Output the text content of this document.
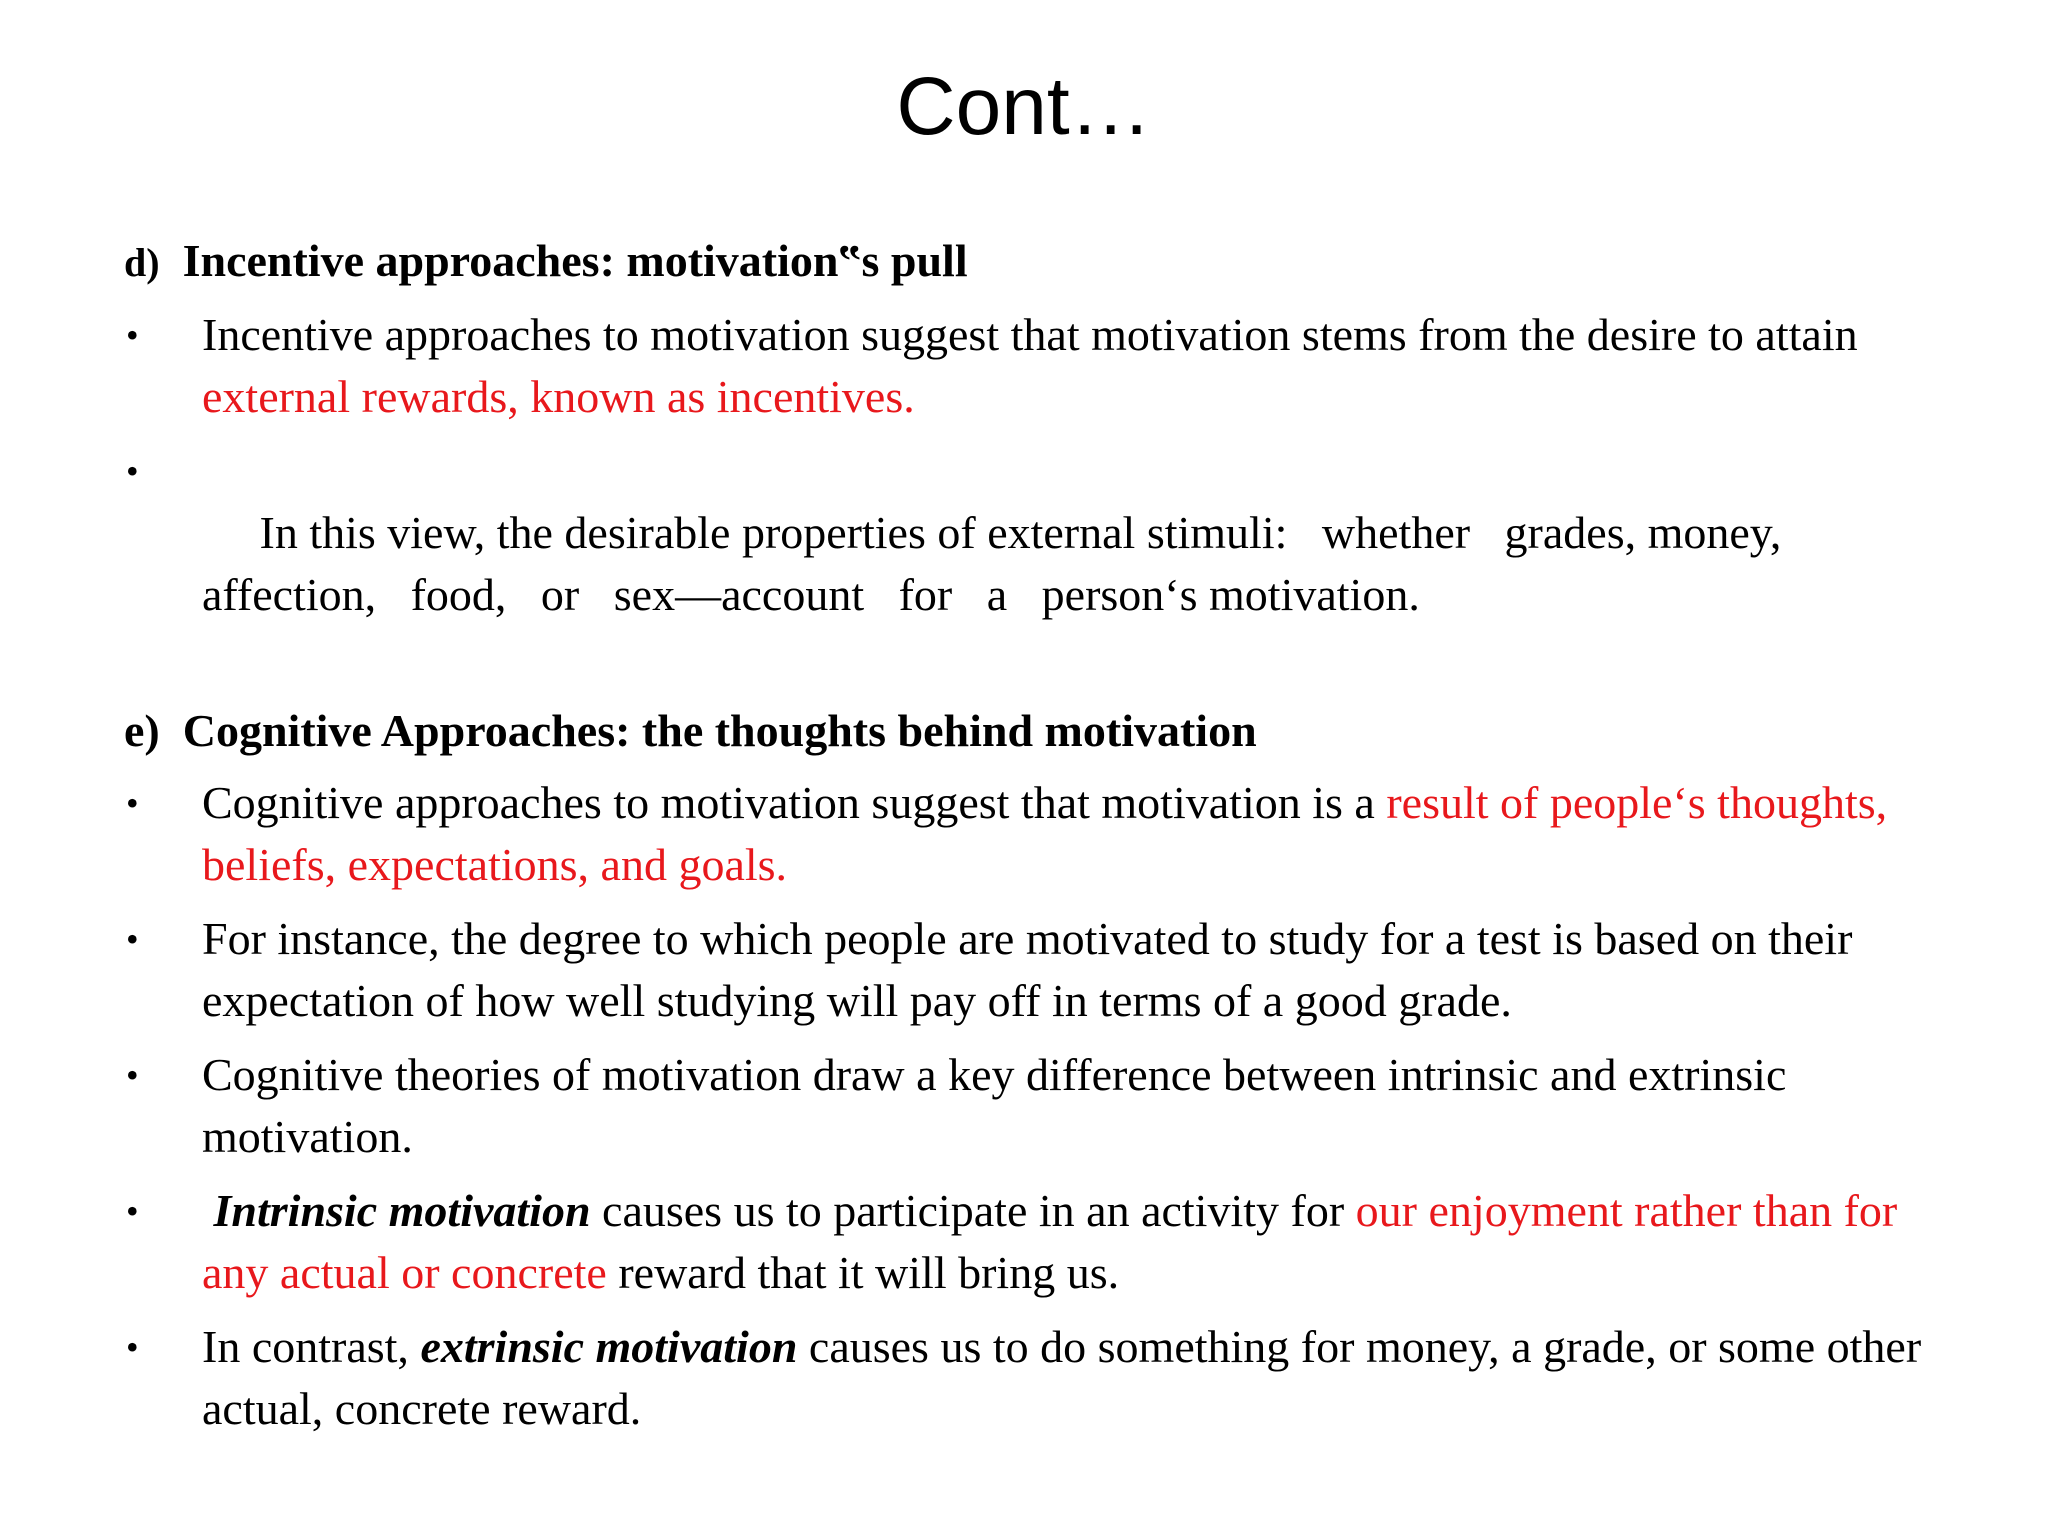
Cont…
d) Incentive approaches: motivation‟s pull
• Incentive approaches to motivation suggest that motivation stems from the desire to attain external rewards, known as incentives.

•
In this view, the desirable properties of external stimuli:   whether   grades, money,   affection,   food,   or   sex—account   for   a   person‘s motivation.

e) Cognitive Approaches: the thoughts behind motivation
• Cognitive approaches to motivation suggest that motivation is a result of people‘s thoughts, beliefs, expectations, and goals.
• For instance, the degree to which people are motivated to study for a test is based on their expectation of how well studying will pay off in terms of a good grade.
• Cognitive theories of motivation draw a key difference between intrinsic and extrinsic motivation.
• Intrinsic motivation causes us to participate in an activity for our enjoyment rather than for any actual or concrete reward that it will bring us.
• In contrast, extrinsic motivation causes us to do something for money, a grade, or some other actual, concrete reward.
